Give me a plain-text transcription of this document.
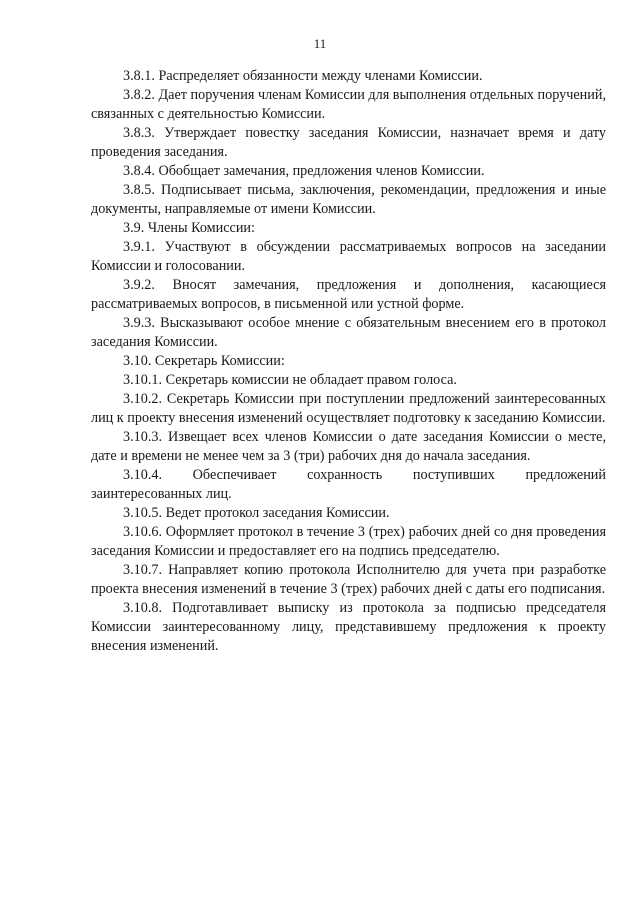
11

3.8.1. Распределяет обязанности между членами Комиссии.

3.8.2. Дает поручения членам Комиссии для выполнения отдельных поручений, связанных с деятельностью Комиссии.

3.8.3. Утверждает повестку заседания Комиссии, назначает время и дату проведения заседания.

3.8.4. Обобщает замечания, предложения членов Комиссии.

3.8.5. Подписывает письма, заключения, рекомендации, предложения и иные документы, направляемые от имени Комиссии.

3.9. Члены Комиссии:

3.9.1. Участвуют в обсуждении рассматриваемых вопросов на заседании Комиссии и голосовании.

3.9.2. Вносят замечания, предложения и дополнения, касающиеся рассматриваемых вопросов, в письменной или устной форме.

3.9.3. Высказывают особое мнение с обязательным внесением его в протокол заседания Комиссии.

3.10. Секретарь Комиссии:

3.10.1. Секретарь комиссии не обладает правом голоса.

3.10.2. Секретарь Комиссии при поступлении предложений заинтересованных лиц к проекту внесения изменений осуществляет подготовку к заседанию Комиссии.

3.10.3. Извещает всех членов Комиссии о дате заседания Комиссии о месте, дате и времени не менее чем за 3 (три) рабочих дня до начала заседания.

3.10.4. Обеспечивает сохранность поступивших предложений заинтересованных лиц.

3.10.5. Ведет протокол заседания Комиссии.

3.10.6. Оформляет протокол в течение 3 (трех) рабочих дней со дня проведения заседания Комиссии и предоставляет его на подпись председателю.

3.10.7. Направляет копию протокола Исполнителю для учета при разработке проекта внесения изменений в течение 3 (трех) рабочих дней с даты его подписания.

3.10.8. Подготавливает выписку из протокола за подписью председателя Комиссии заинтересованному лицу, представившему предложения к проекту внесения изменений.
